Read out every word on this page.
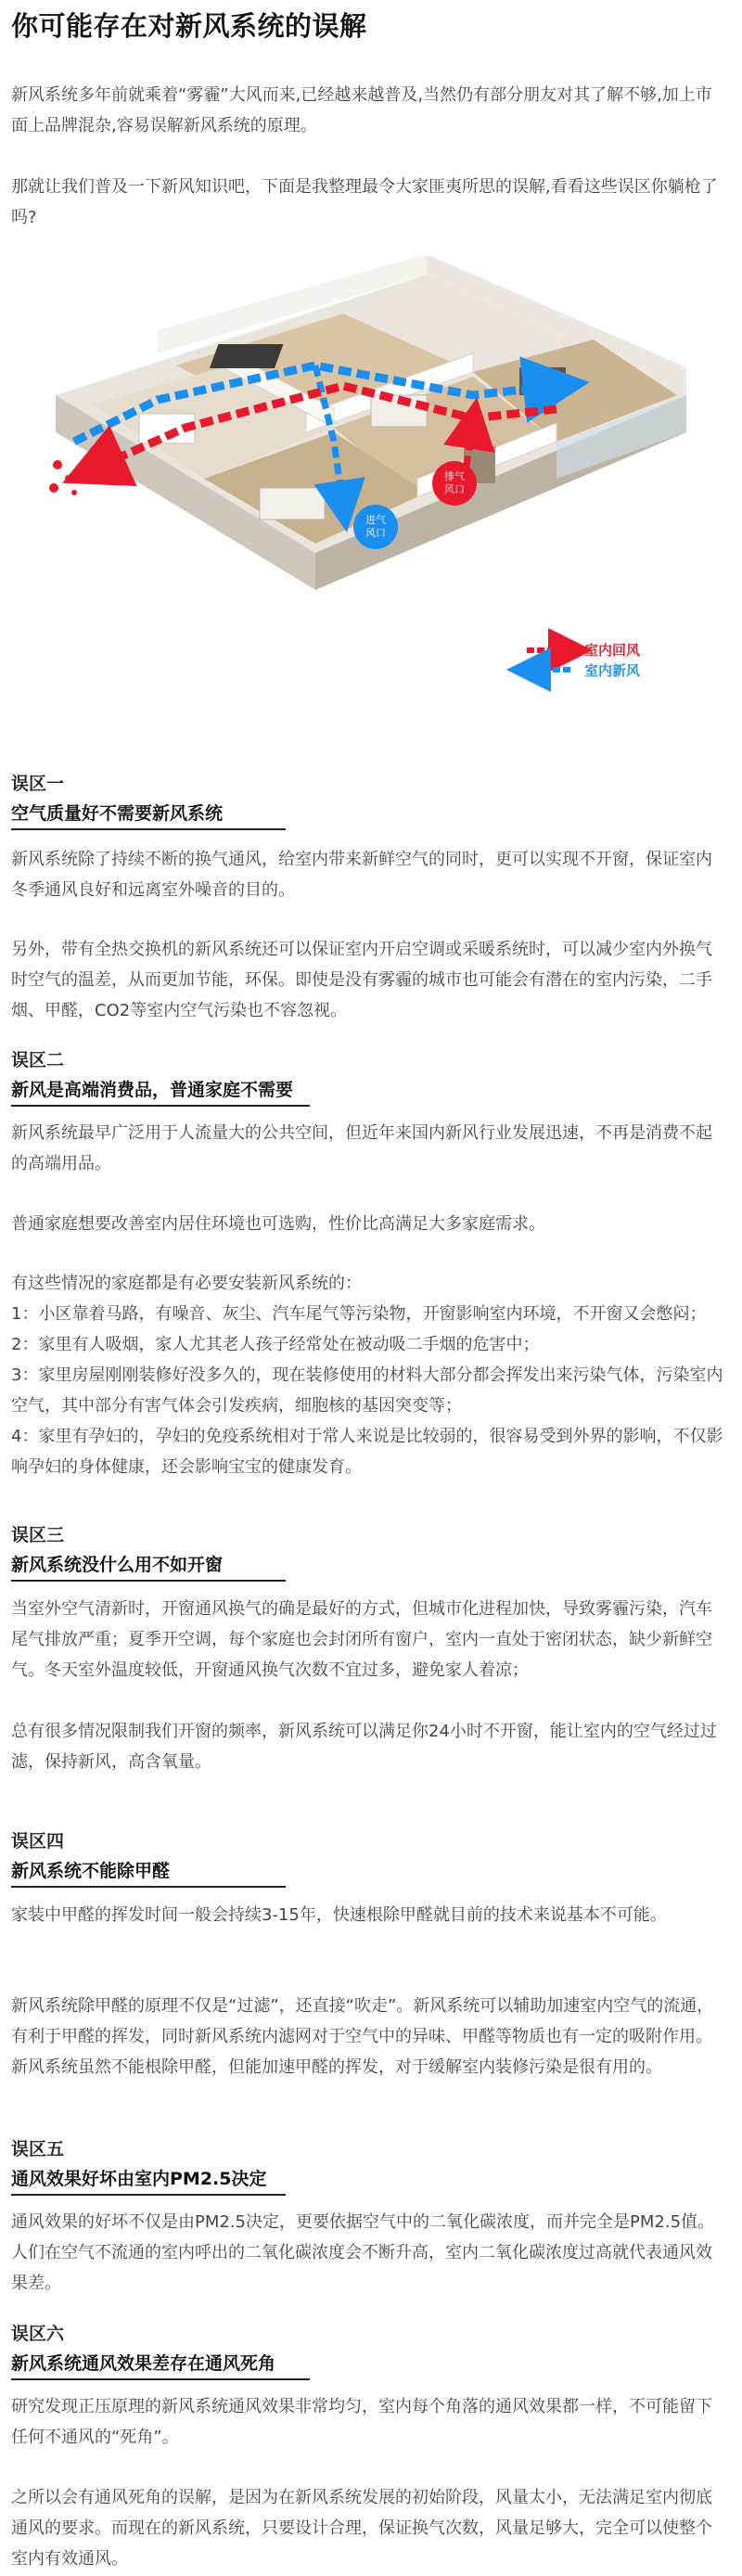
你可能存在对新风系统的误解

新风系统多年前就乘着“雾霾”大风而来,已经越来越普及,当然仍有部分朋友对其了解不够,加上市面上品牌混杂,容易误解新风系统的原理。

那就让我们普及一下新风知识吧，下面是我整理最令大家匪夷所思的误解,看看这些误区你躺枪了吗?

排气
风口
进气
风口
室内回风
室内新风
误区一
空气质量好不需要新风系统

新风系统除了持续不断的换气通风，给室内带来新鲜空气的同时，更可以实现不开窗，保证室内冬季通风良好和远离室外噪音的目的。

另外，带有全热交换机的新风系统还可以保证室内开启空调或采暖系统时，可以减少室内外换气时空气的温差，从而更加节能，环保。即使是没有雾霾的城市也可能会有潜在的室内污染，二手烟、甲醛，CO2等室内空气污染也不容忽视。

误区二
新风是高端消费品，普通家庭不需要

新风系统最早广泛用于人流量大的公共空间，但近年来国内新风行业发展迅速，不再是消费不起的高端用品。

普通家庭想要改善室内居住环境也可选购，性价比高满足大多家庭需求。

有这些情况的家庭都是有必要安装新风系统的：
1：小区靠着马路，有噪音、灰尘、汽车尾气等污染物，开窗影响室内环境，不开窗又会憋闷；
2：家里有人吸烟，家人尤其老人孩子经常处在被动吸二手烟的危害中；
3：家里房屋刚刚装修好没多久的，现在装修使用的材料大部分都会挥发出来污染气体，污染室内空气，其中部分有害气体会引发疾病，细胞核的基因突变等；
4：家里有孕妇的，孕妇的免疫系统相对于常人来说是比较弱的，很容易受到外界的影响，不仅影响孕妇的身体健康，还会影响宝宝的健康发育。

误区三
新风系统没什么用不如开窗

当室外空气清新时，开窗通风换气的确是最好的方式，但城市化进程加快，导致雾霾污染，汽车尾气排放严重；夏季开空调，每个家庭也会封闭所有窗户，室内一直处于密闭状态，缺少新鲜空气。冬天室外温度较低，开窗通风换气次数不宜过多，避免家人着凉；

总有很多情况限制我们开窗的频率，新风系统可以满足你24小时不开窗，能让室内的空气经过过滤，保持新风，高含氧量。

误区四
新风系统不能除甲醛

家装中甲醛的挥发时间一般会持续3-15年，快速根除甲醛就目前的技术来说基本不可能。

新风系统除甲醛的原理不仅是“过滤”，还直接“吹走”。新风系统可以辅助加速室内空气的流通，有利于甲醛的挥发，同时新风系统内滤网对于空气中的异味、甲醛等物质也有一定的吸附作用。新风系统虽然不能根除甲醛，但能加速甲醛的挥发，对于缓解室内装修污染是很有用的。

误区五
通风效果好坏由室内PM2.5决定

通风效果的好坏不仅是由PM2.5决定，更要依据空气中的二氧化碳浓度，而并完全是PM2.5值。人们在空气不流通的室内呼出的二氧化碳浓度会不断升高，室内二氧化碳浓度过高就代表通风效果差。

误区六
新风系统通风效果差存在通风死角

研究发现正压原理的新风系统通风效果非常均匀，室内每个角落的通风效果都一样，不可能留下任何不通风的“死角”。

之所以会有通风死角的误解，是因为在新风系统发展的初始阶段，风量太小，无法满足室内彻底通风的要求。而现在的新风系统，只要设计合理，保证换气次数，风量足够大，完全可以使整个室内有效通风。
